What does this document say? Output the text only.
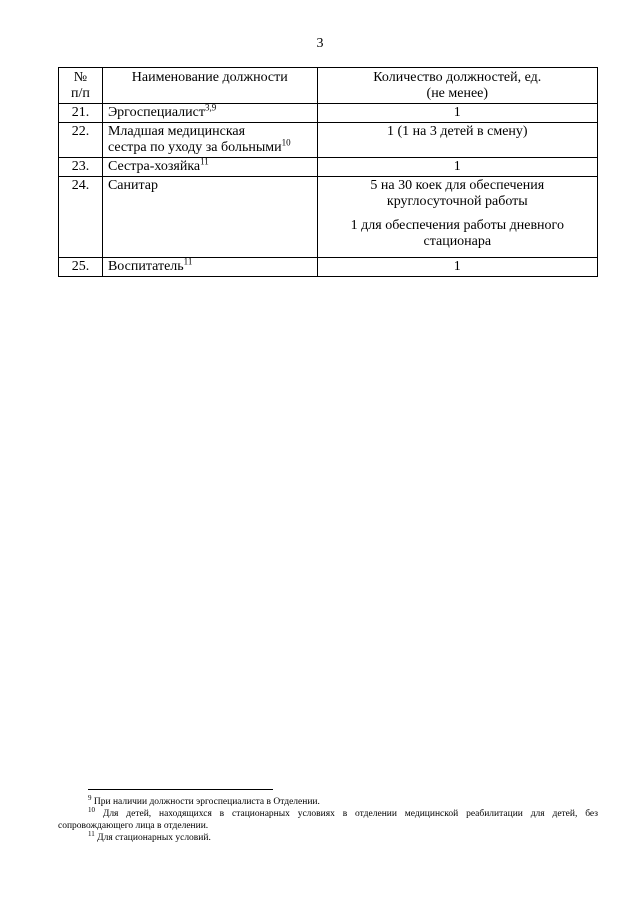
3
№
п/п	Наименование должности	Количество должностей, ед.
(не менее)
21.	Эргоспециалист$^{3,9}$	1

22.	Младшая медицинская
сестра по уходу за больными$^{10}$	1 (1 на 3 детей в смену)

23.	Сестра-хозяйка$^{11}$	1

24.	Санитар	5 на 30 коек для обеспечения
круглосуточной работы
1 для обеспечения работы дневного
стационара

25.	Воспитатель$^{11}$	1
$^9$ При наличии должности эргоспециалиста в Отделении.
$^{10}$ Для детей, находящихся в стационарных условиях в отделении медицинской реабилитации для детей, без сопровождающего лица в отделении.
$^{11}$ Для стационарных условий.
